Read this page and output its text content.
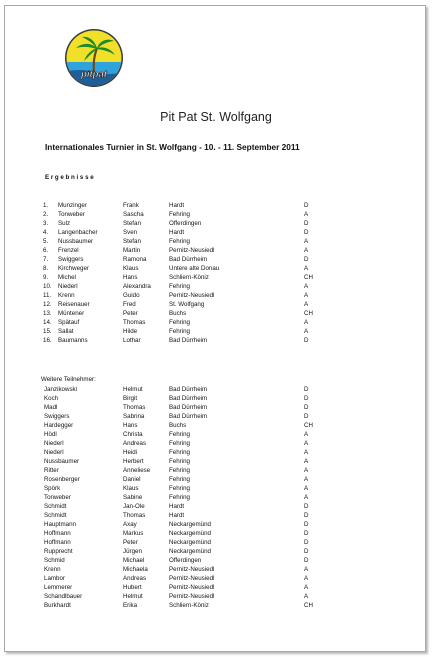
pitpat
Pit Pat St. Wolfgang
Internationales Turnier in St. Wolfgang - 10. - 11. September 2011
Ergebnisse
Weitere Teilnehmer:
1. Munzinger	Frank	Hardt	D
2. Tonweber	Sascha	Fehring	A
3. Sulz	Stefan	Offerdingen	D
4. Langenbacher	Sven	Hardt	D
5. Nussbaumer	Stefan	Fehring	A
6. Frenzel	Martin	Pernitz-Neusiedl	A
7. Swiggers	Ramona	Bad Dürrheim	D
8. Kirchweger	Klaus	Untere alte Donau	A
9. Michel	Hans	Schliern-Köniz	CH
10. Niederl	Alexandra	Fehring	A
11. Krenn	Guido	Pernitz-Neusiedl	A
12. Reisenauer	Fred	St. Wolfgang	A
13. Müntener	Peter	Buchs	CH
14. Spätauf	Thomas	Fehring	A
15. Sallat	Hilde	Fehring	A
16. Baumanns	Lothar	Bad Dürrheim	D
Janzikowski	Helmut	Bad Dürrheim	D
Koch	Birgit	Bad Dürrheim	D
Madl	Thomas	Bad Dürrheim	D
Swiggers	Sabrina	Bad Dürrheim	D
Hardegger	Hans	Buchs	CH
Hödl	Christa	Fehring	A
Niederl	Andreas	Fehring	A
Niederl	Heidi	Fehring	A
Nussbaumer	Herbert	Fehring	A
Ritter	Anneliese	Fehring	A
Rosenberger	Daniel	Fehring	A
Spörk	Klaus	Fehring	A
Tonweber	Sabine	Fehring	A
Schmidt	Jan-Ole	Hardt	D
Schmidt	Thomas	Hardt	D
Hauptmann	Axay	Neckargemünd	D
Hoffmann	Markus	Neckargemünd	D
Hoffmann	Peter	Neckargemünd	D
Rupprecht	Jürgen	Neckargemünd	D
Schmid	Michael	Offerdingen	D
Krenn	Michaela	Pernitz-Neusiedl	A
Lambor	Andreas	Pernitz-Neusiedl	A
Lemmerer	Hubert	Pernitz-Neusiedl	A
Schandlbauer	Helmut	Pernitz-Neusiedl	A
Burkhardt	Erika	Schliern-Köniz	CH
